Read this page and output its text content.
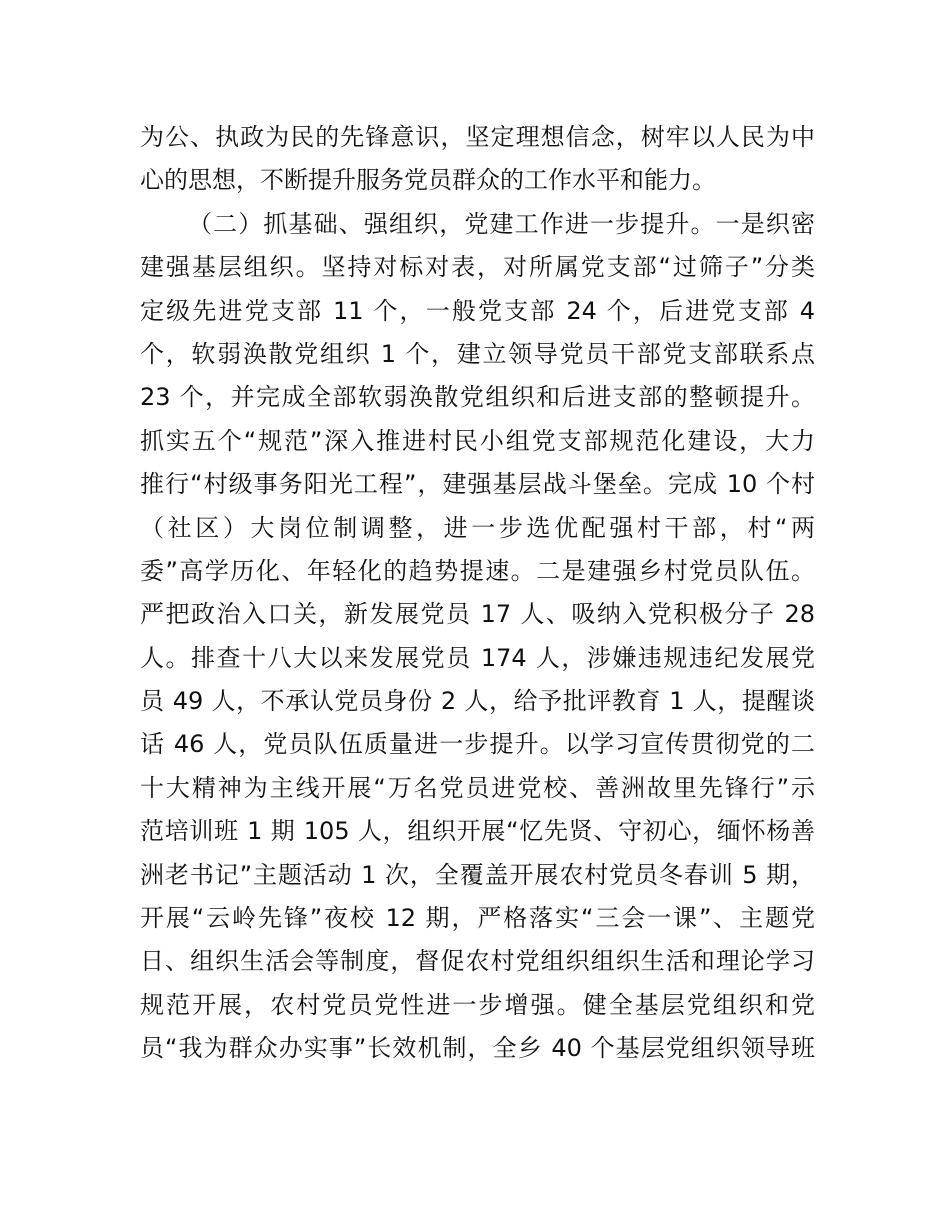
为公、执政为民的先锋意识，坚定理想信念，树牢以人民为中
心的思想，不断提升服务党员群众的工作水平和能力。
（二）抓基础、强组织，党建工作进一步提升。一是织密
建强基层组织。坚持对标对表，对所属党支部“过筛子”分类
定级先进党支部 11 个，一般党支部 24 个，后进党支部 4
个，软弱涣散党组织 1 个，建立领导党员干部党支部联系点
23 个，并完成全部软弱涣散党组织和后进支部的整顿提升。
抓实五个“规范”深入推进村民小组党支部规范化建设，大力
推行“村级事务阳光工程”，建强基层战斗堡垒。完成 10 个村
（社区）大岗位制调整，进一步选优配强村干部，村“两
委”高学历化、年轻化的趋势提速。二是建强乡村党员队伍。
严把政治入口关，新发展党员 17 人、吸纳入党积极分子 28
人。排查十八大以来发展党员 174 人，涉嫌违规违纪发展党
员 49 人，不承认党员身份 2 人，给予批评教育 1 人，提醒谈
话 46 人，党员队伍质量进一步提升。以学习宣传贯彻党的二
十大精神为主线开展“万名党员进党校、善洲故里先锋行”示
范培训班 1 期 105 人，组织开展“忆先贤、守初心，缅怀杨善
洲老书记”主题活动 1 次，全覆盖开展农村党员冬春训 5 期，
开展“云岭先锋”夜校 12 期，严格落实“三会一课”、主题党
日、组织生活会等制度，督促农村党组织组织生活和理论学习
规范开展，农村党员党性进一步增强。健全基层党组织和党
员“我为群众办实事”长效机制，全乡 40 个基层党组织领导班
